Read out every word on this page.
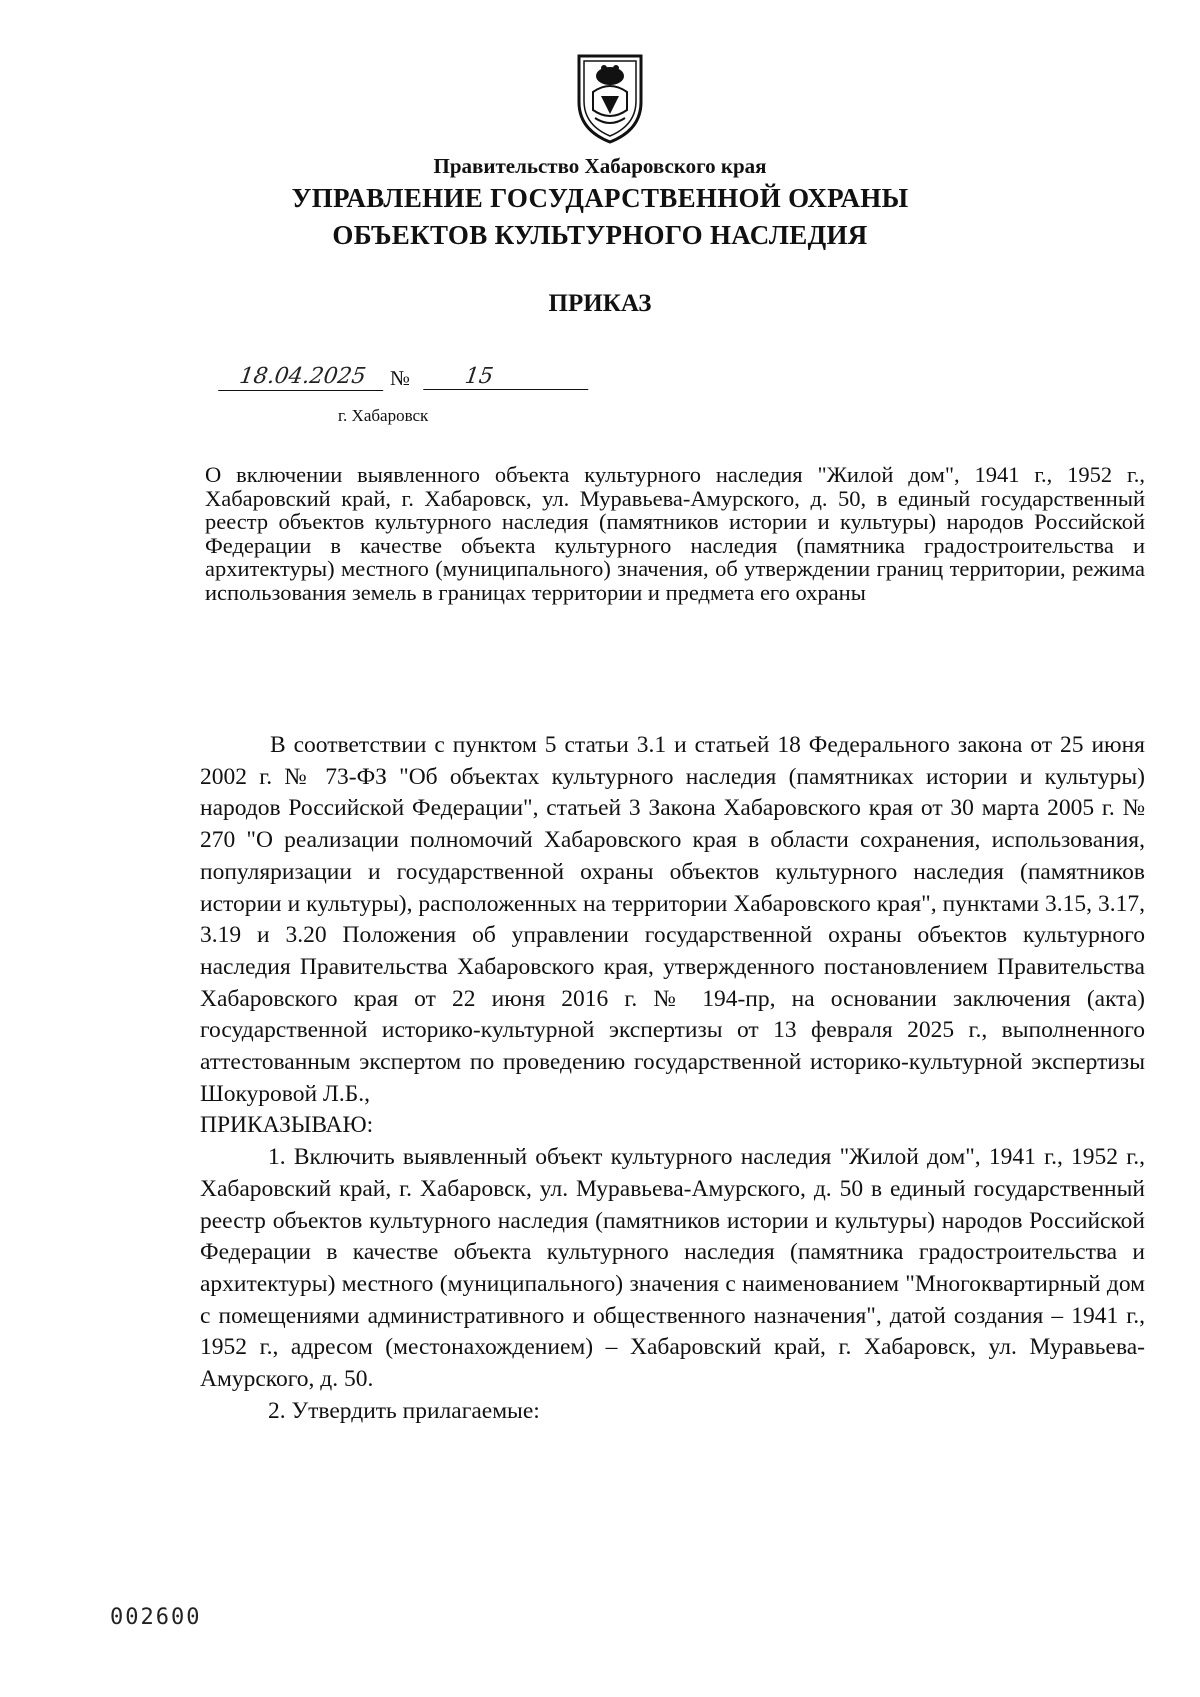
Правительство Хабаровского края
УПРАВЛЕНИЕ ГОСУДАРСТВЕННОЙ ОХРАНЫ
ОБЪЕКТОВ КУЛЬТУРНОГО НАСЛЕДИЯ
ПРИКАЗ
18.04.2025	№	15
г. Хабаровск
О включении выявленного объекта культурного наследия "Жилой дом", 1941 г., 1952 г., Хабаровский край, г. Хабаровск, ул. Муравьева-Амурского, д. 50, в единый государственный реестр объектов культурного наследия (памятников истории и культуры) народов Российской Федерации в качестве объекта культурного наследия (памятника градостроительства и архитектуры) местного (муниципального) значения, об утверждении границ территории, режима использования земель в границах территории и предмета его охраны

В соответствии с пунктом 5 статьи 3.1 и статьей 18 Федерального закона от 25 июня 2002 г. № 73-ФЗ "Об объектах культурного наследия (памятниках истории и культуры) народов Российской Федерации", статьей 3 Закона Хабаровского края от 30 марта 2005 г. № 270 "О реализации полномочий Хабаровского края в области сохранения, использования, популяризации и государственной охраны объектов культурного наследия (памятников истории и культуры), расположенных на территории Хабаровского края", пунктами 3.15, 3.17, 3.19 и 3.20 Положения об управлении государственной охраны объектов культурного наследия Правительства Хабаровского края, утвержденного постановлением Правительства Хабаровского края от 22 июня 2016 г. № 194-пр, на основании заключения (акта) государственной историко-культурной экспертизы от 13 февраля 2025 г., выполненного аттестованным экспертом по проведению государственной историко-культурной экспертизы Шокуровой Л.Б.,

ПРИКАЗЫВАЮ:

1. Включить выявленный объект культурного наследия "Жилой дом", 1941 г., 1952 г., Хабаровский край, г. Хабаровск, ул. Муравьева-Амурского, д. 50 в единый государственный реестр объектов культурного наследия (памятников истории и культуры) народов Российской Федерации в качестве объекта культурного наследия (памятника градостроительства и архитектуры) местного (муниципального) значения с наименованием "Многоквартирный дом с помещениями административного и общественного назначения", датой создания – 1941 г., 1952 г., адресом (местонахождением) – Хабаровский край, г. Хабаровск, ул. Муравьева-Амурского, д. 50.

2. Утвердить прилагаемые:

002600
